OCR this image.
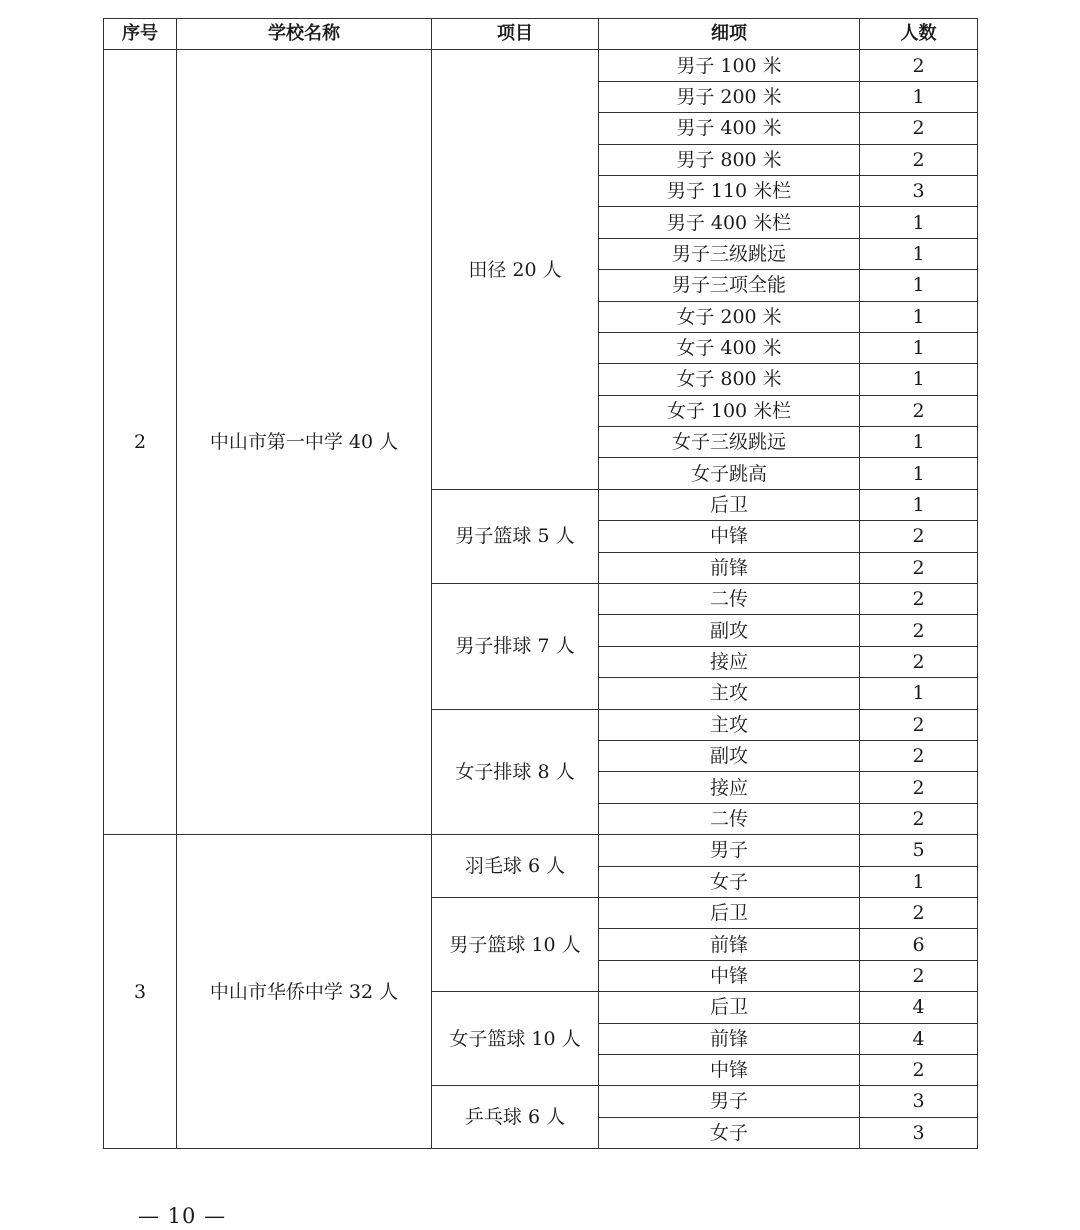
序号	学校名称	项目	细项	人数
2	中山市第一中学 40 人	田径 20 人	男子 100 米	2
			男子 200 米	1
			男子 400 米	2
			男子 800 米	2
			男子 110 米栏	3
			男子 400 米栏	1
			男子三级跳远	1
			男子三项全能	1
			女子 200 米	1
			女子 400 米	1
			女子 800 米	1
			女子 100 米栏	2
			女子三级跳远	1
			女子跳高	1
		男子篮球 5 人	后卫	1
			中锋	2
			前锋	2
		男子排球 7 人	二传	2
			副攻	2
			接应	2
			主攻	1
		女子排球 8 人	主攻	2
			副攻	2
			接应	2
			二传	2
3	中山市华侨中学 32 人	羽毛球 6 人	男子	5
			女子	1
		男子篮球 10 人	后卫	2
			前锋	6
			中锋	2
		女子篮球 10 人	后卫	4
			前锋	4
			中锋	2
		乒乓球 6 人	男子	3
			女子	3
— 10 —
